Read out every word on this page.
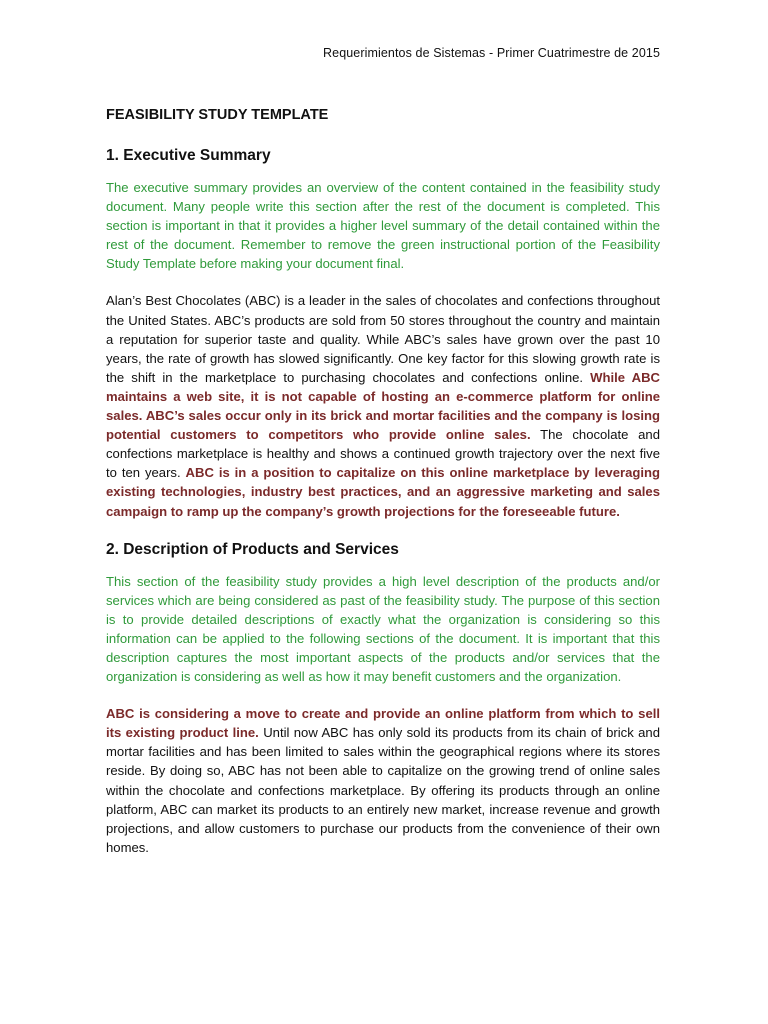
Requerimientos de Sistemas - Primer Cuatrimestre de 2015
FEASIBILITY STUDY TEMPLATE
1. Executive Summary

The executive summary provides an overview of the content contained in the feasibility study document. Many people write this section after the rest of the document is completed. This section is important in that it provides a higher level summary of the detail contained within the rest of the document. Remember to remove the green instructional portion of the Feasibility Study Template before making your document final.

Alan’s Best Chocolates (ABC) is a leader in the sales of chocolates and confections throughout the United States. ABC’s products are sold from 50 stores throughout the country and maintain a reputation for superior taste and quality. While ABC’s sales have grown over the past 10 years, the rate of growth has slowed significantly. One key factor for this slowing growth rate is the shift in the marketplace to purchasing chocolates and confections online. While ABC maintains a web site, it is not capable of hosting an e-commerce platform for online sales. ABC’s sales occur only in its brick and mortar facilities and the company is losing potential customers to competitors who provide online sales. The chocolate and confections marketplace is healthy and shows a continued growth trajectory over the next five to ten years. ABC is in a position to capitalize on this online marketplace by leveraging existing technologies, industry best practices, and an aggressive marketing and sales campaign to ramp up the company’s growth projections for the foreseeable future.

2. Description of Products and Services

This section of the feasibility study provides a high level description of the products and/or services which are being considered as past of the feasibility study. The purpose of this section is to provide detailed descriptions of exactly what the organization is considering so this information can be applied to the following sections of the document. It is important that this description captures the most important aspects of the products and/or services that the organization is considering as well as how it may benefit customers and the organization.

ABC is considering a move to create and provide an online platform from which to sell its existing product line. Until now ABC has only sold its products from its chain of brick and mortar facilities and has been limited to sales within the geographical regions where its stores reside. By doing so, ABC has not been able to capitalize on the growing trend of online sales within the chocolate and confections marketplace. By offering its products through an online platform, ABC can market its products to an entirely new market, increase revenue and growth projections, and allow customers to purchase our products from the convenience of their own homes.
